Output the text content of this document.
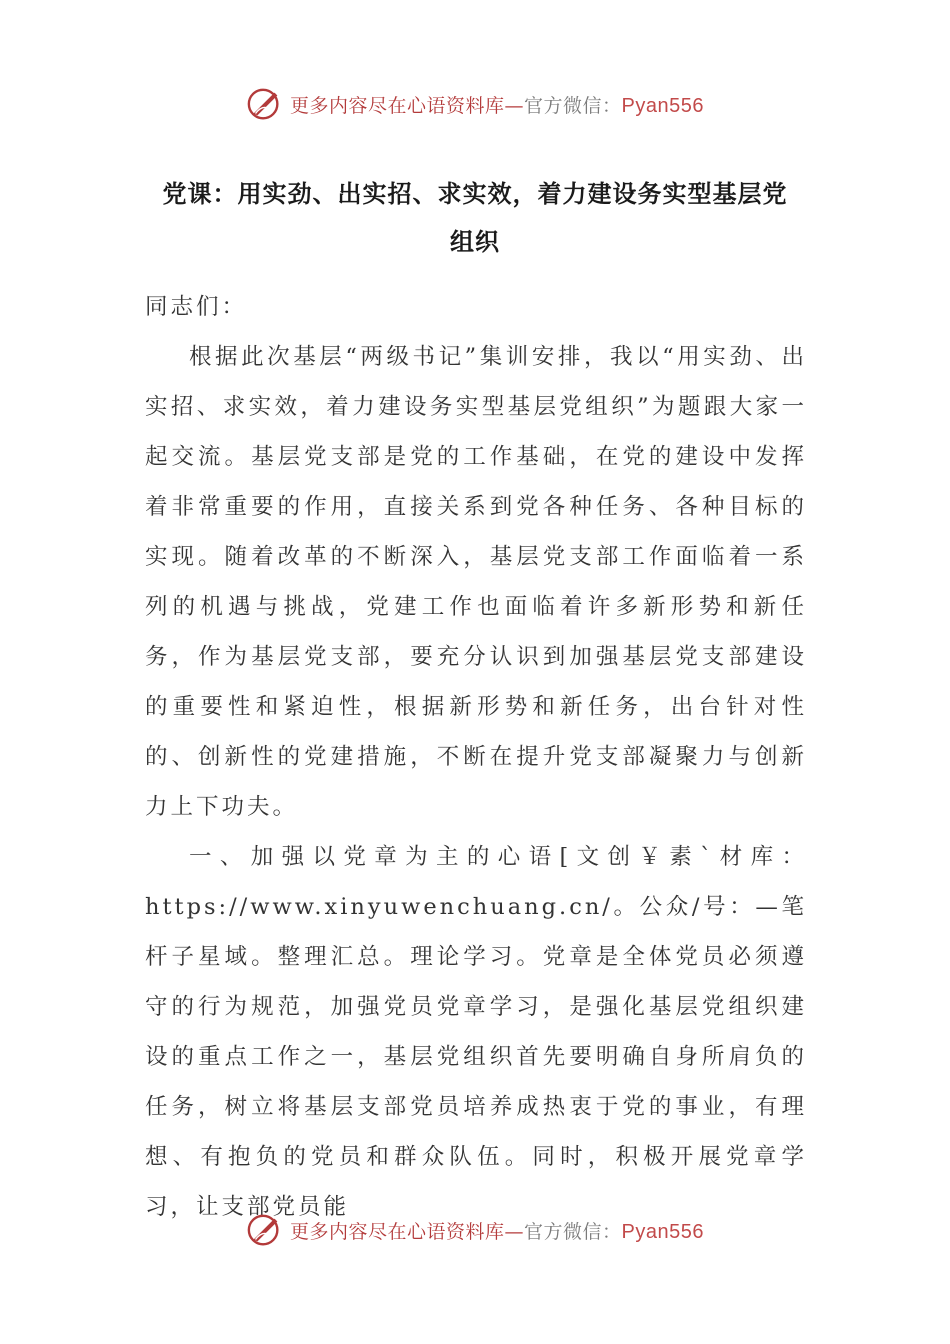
更多内容尽在心语资料库—官方微信：Pyan556
党课：用实劲、出实招、求实效，着力建设务实型基层党
组织

同志们：

根据此次基层“两级书记”集训安排，我以“用实劲、出实招、求实效，着力建设务实型基层党组织”为题跟大家一起交流。基层党支部是党的工作基础，在党的建设中发挥着非常重要的作用，直接关系到党各种任务、各种目标的实现。随着改革的不断深入，基层党支部工作面临着一系列的机遇与挑战，党建工作也面临着许多新形势和新任务，作为基层党支部，要充分认识到加强基层党支部建设的重要性和紧迫性，根据新形势和新任务，出台针对性的、创新性的党建措施，不断在提升党支部凝聚力与创新力上下功夫。

一、加强以党章为主的心语[文创￥素`材库：https://www.xinyuwenchuang.cn/。公众/号：—笔杆子星域。整理汇总。理论学习。党章是全体党员必须遵守的行为规范，加强党员党章学习，是强化基层党组织建设的重点工作之一，基层党组织首先要明确自身所肩负的任务，树立将基层支部党员培养成热衷于党的事业，有理想、有抱负的党员和群众队伍。同时，积极开展党章学习，让支部党员能

更多内容尽在心语资料库—官方微信：Pyan556
